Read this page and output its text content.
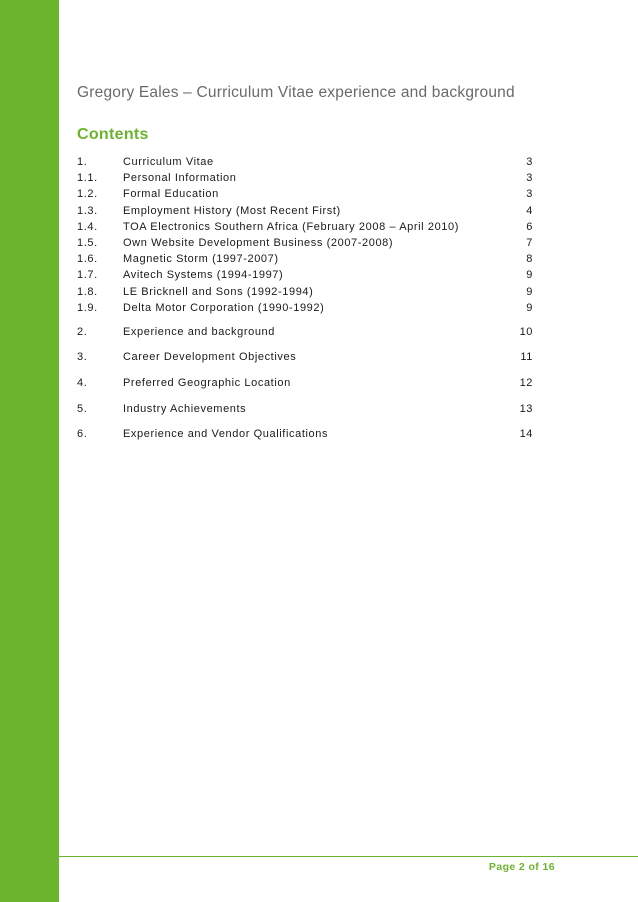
Gregory Eales – Curriculum Vitae experience and background
Contents
1.	Curriculum Vitae	3
1.1. Personal Information	3
1.2. Formal Education	3
1.3. Employment History (Most Recent First)	4
1.4. TOA Electronics Southern Africa (February 2008 – April 2010)	6
1.5. Own Website Development Business (2007-2008)	7
1.6. Magnetic Storm (1997-2007)	8
1.7. Avitech Systems (1994-1997)	9
1.8. LE Bricknell and Sons (1992-1994)	9
1.9. Delta Motor Corporation (1990-1992)	9
2.	Experience and background	10
3.	Career Development Objectives	11
4.	Preferred Geographic Location	12
5.	Industry Achievements	13
6.	Experience and Vendor Qualifications	14
Page 2 of 16
